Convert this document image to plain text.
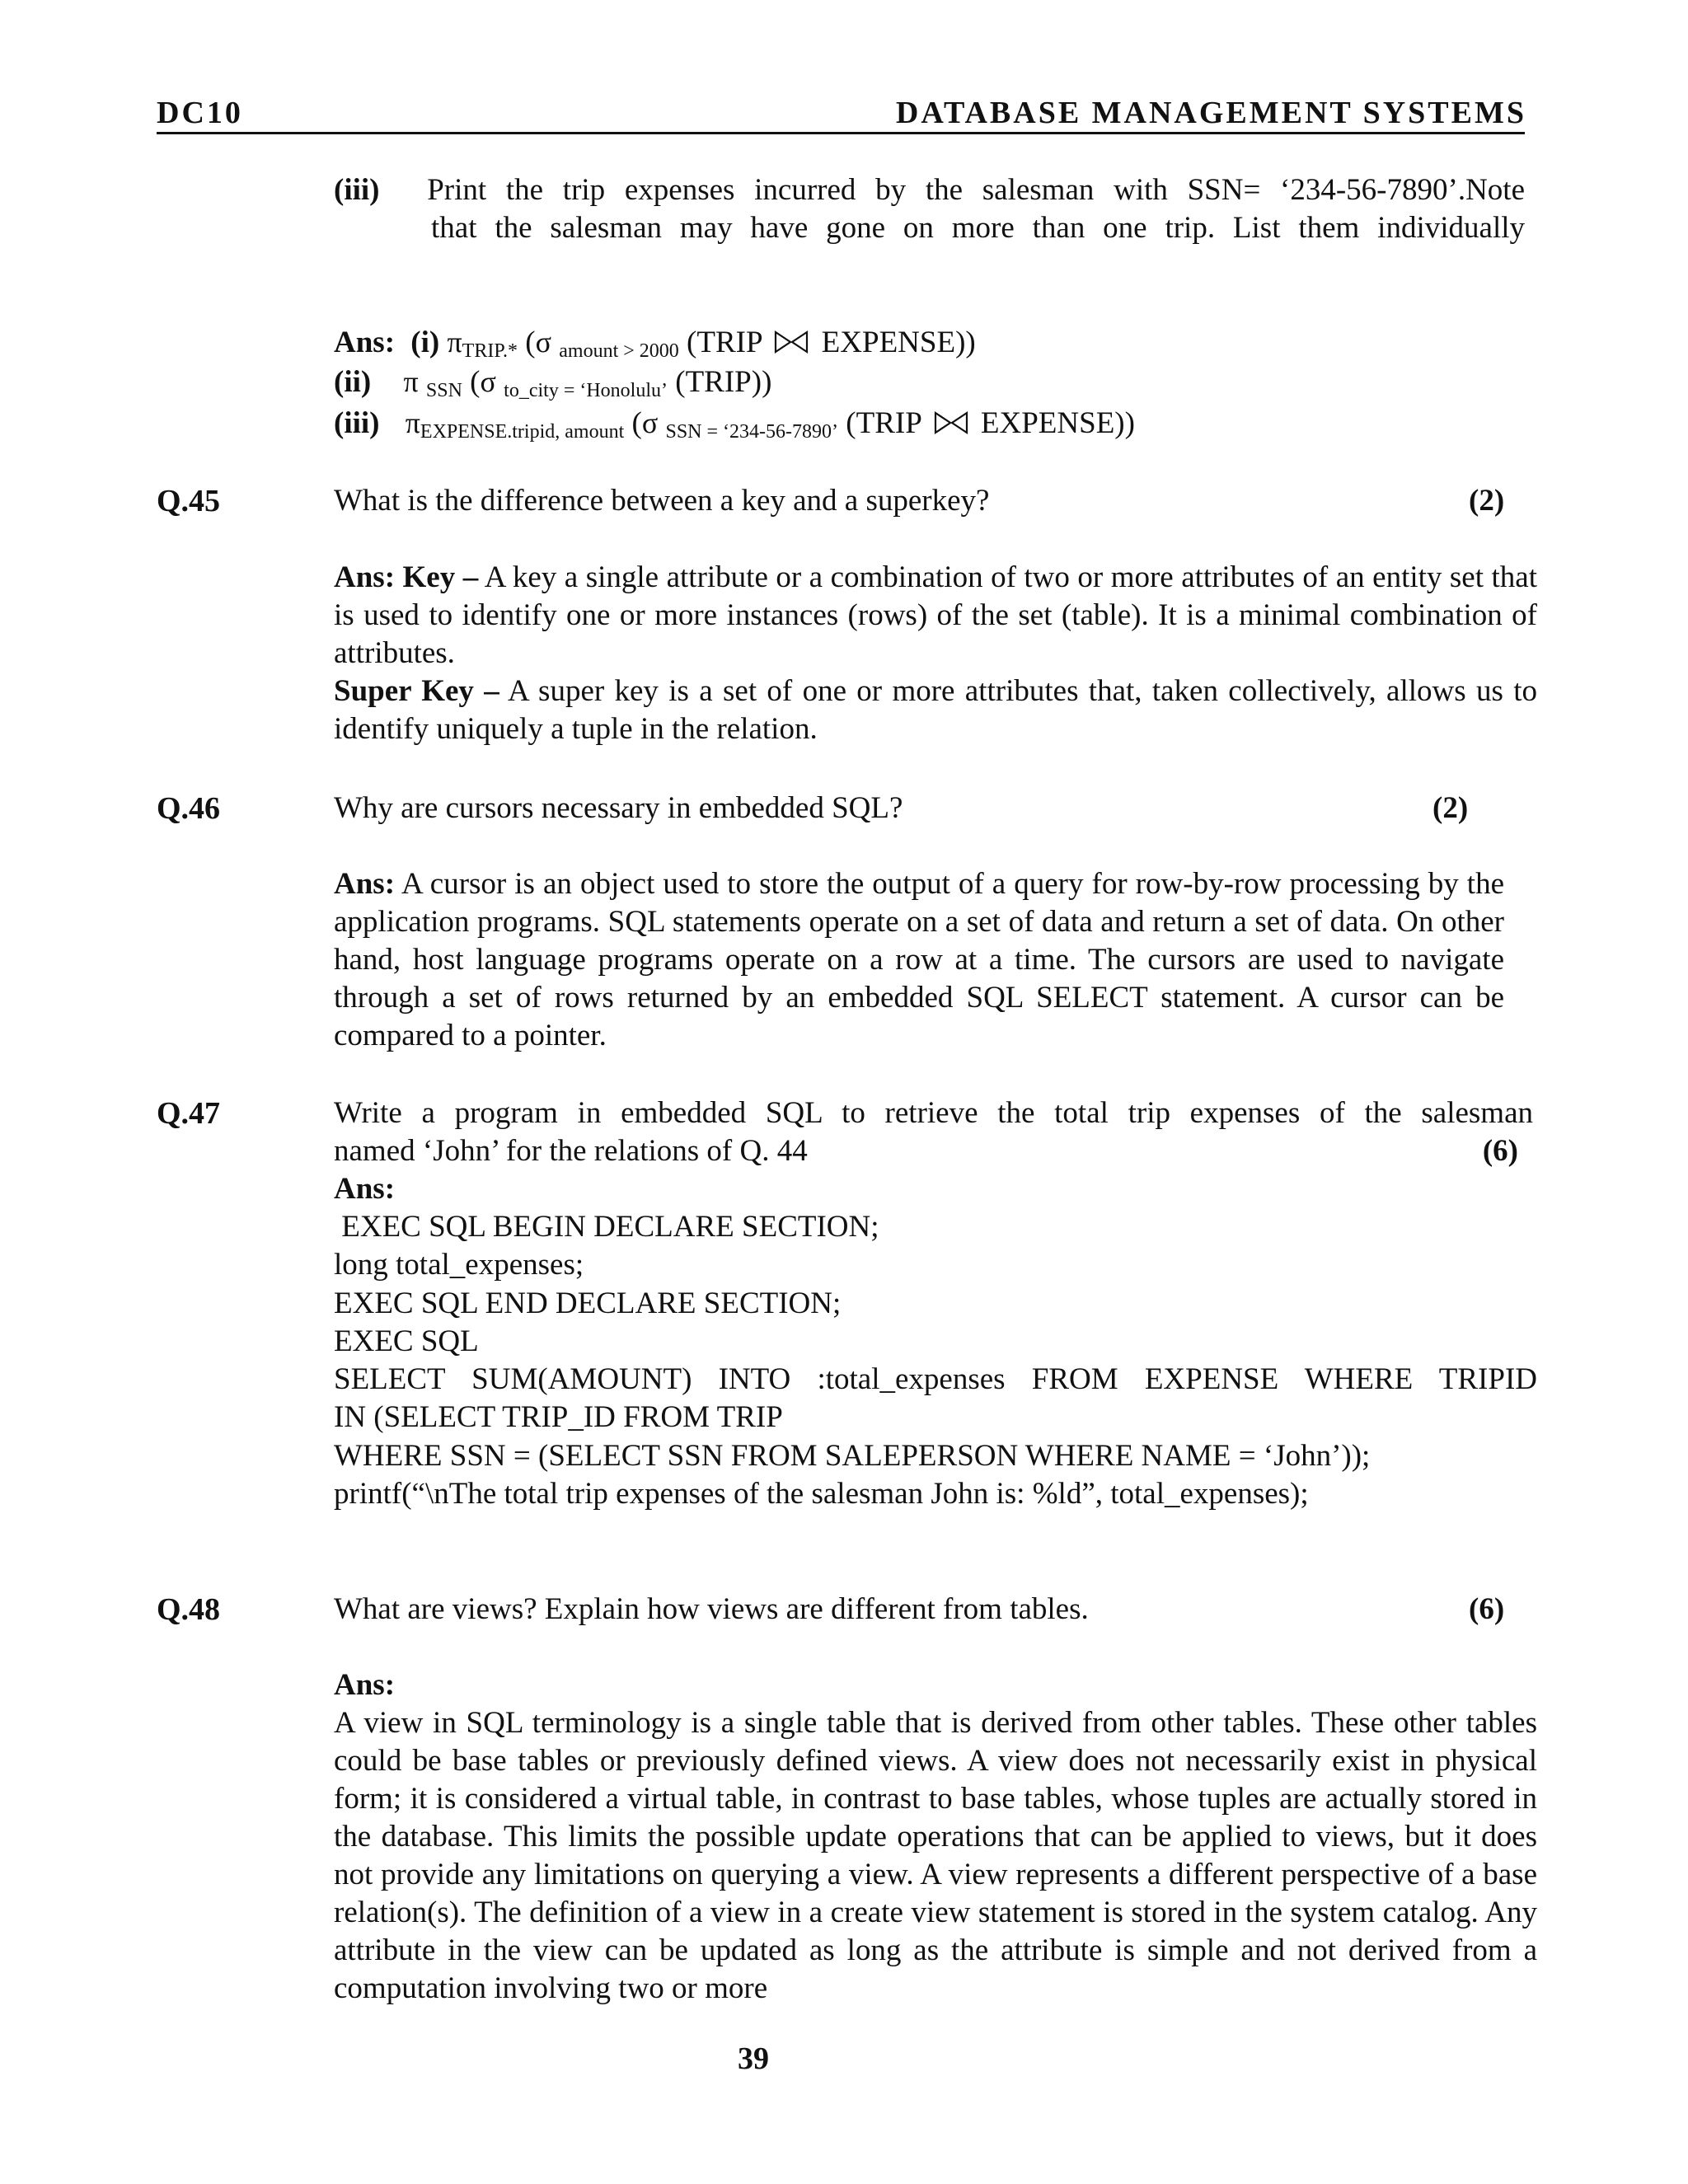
DC10	DATABASE MANAGEMENT SYSTEMS
(iii) Print the trip expenses incurred by the salesman with SSN= ‘234-56-7890’.Note
that the salesman may have gone on more than one trip. List them individually
Ans: (i) πTRIP.* (σ amount > 2000 (TRIP EXPENSE))
(ii) π SSN (σ to_city = ‘Honolulu’ (TRIP))
(iii) πEXPENSE.tripid, amount (σ SSN = ‘234-56-7890’ (TRIP EXPENSE))
Q.45	What is the difference between a key and a superkey?	(2)

Ans: Key – A key a single attribute or a combination of two or more attributes of an entity set that is used to identify one or more instances (rows) of the set (table). It is a minimal combination of attributes.

Super Key – A super key is a set of one or more attributes that, taken collectively, allows us to identify uniquely a tuple in the relation.

Q.46	Why are cursors necessary in embedded SQL?	(2)
Ans: A cursor is an object used to store the output of a query for row-by-row processing by the application programs. SQL statements operate on a set of data and return a set of data. On other hand, host language programs operate on a row at a time. The cursors are used to navigate through a set of rows returned by an embedded SQL SELECT statement. A cursor can be compared to a pointer.
Q.47	Write a program in embedded SQL to retrieve the total trip expenses of the salesman
named ‘John’ for the relations of Q. 44	(6)
Ans:
EXEC SQL BEGIN DECLARE SECTION;
long total_expenses;
EXEC SQL END DECLARE SECTION;
EXEC SQL
SELECT SUM(AMOUNT) INTO :total_expenses FROM EXPENSE WHERE TRIPID
IN (SELECT TRIP_ID FROM TRIP
WHERE SSN = (SELECT SSN FROM SALEPERSON WHERE NAME = ‘John’));
printf(“\nThe total trip expenses of the salesman John is: %ld”, total_expenses);
Q.48	What are views? Explain how views are different from tables.	(6)
Ans:
A view in SQL terminology is a single table that is derived from other tables. These other tables could be base tables or previously defined views. A view does not necessarily exist in physical form; it is considered a virtual table, in contrast to base tables, whose tuples are actually stored in the database. This limits the possible update operations that can be applied to views, but it does not provide any limitations on querying a view. A view represents a different perspective of a base relation(s). The definition of a view in a create view statement is stored in the system catalog. Any attribute in the view can be updated as long as the attribute is simple and not derived from a computation involving two or more
39
